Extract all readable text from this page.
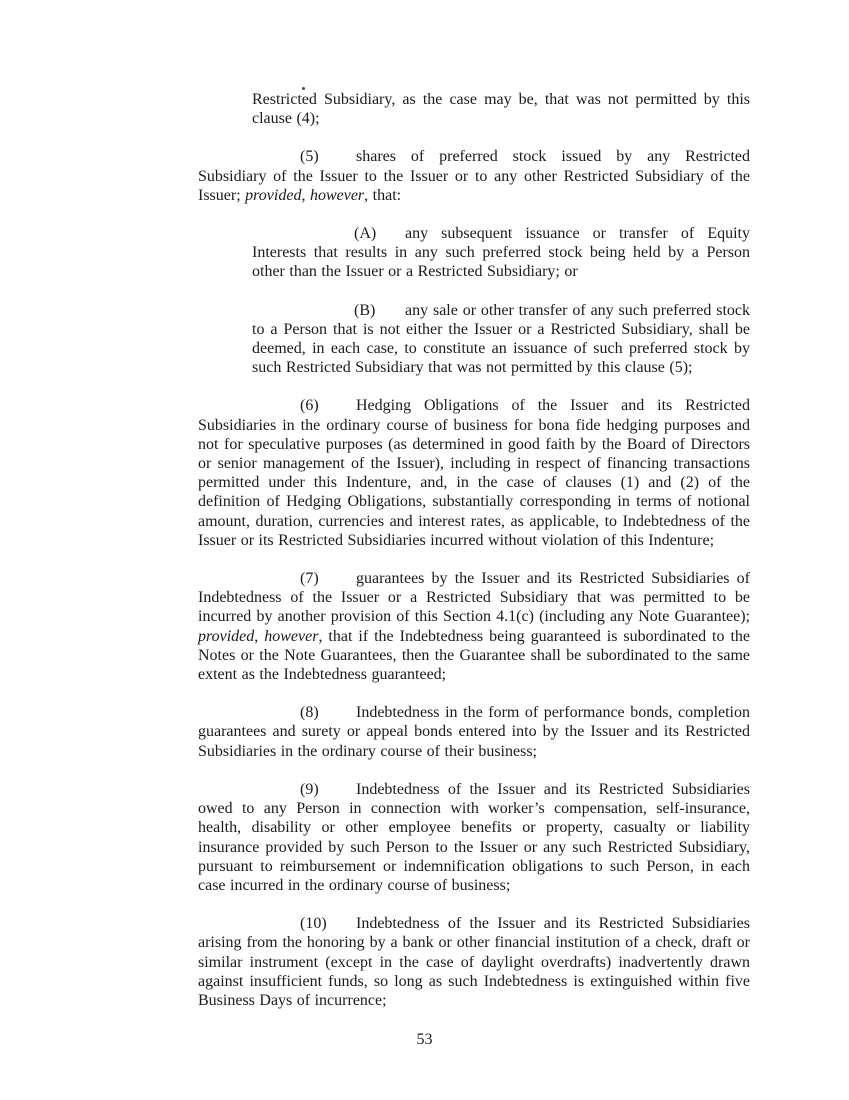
Restricted Subsidiary, as the case may be, that was not permitted by this clause (4);
(5) shares of preferred stock issued by any Restricted Subsidiary of the Issuer to the Issuer or to any other Restricted Subsidiary of the Issuer; provided, however, that:
(A) any subsequent issuance or transfer of Equity Interests that results in any such preferred stock being held by a Person other than the Issuer or a Restricted Subsidiary; or
(B) any sale or other transfer of any such preferred stock to a Person that is not either the Issuer or a Restricted Subsidiary, shall be deemed, in each case, to constitute an issuance of such preferred stock by such Restricted Subsidiary that was not permitted by this clause (5);
(6) Hedging Obligations of the Issuer and its Restricted Subsidiaries in the ordinary course of business for bona fide hedging purposes and not for speculative purposes (as determined in good faith by the Board of Directors or senior management of the Issuer), including in respect of financing transactions permitted under this Indenture, and, in the case of clauses (1) and (2) of the definition of Hedging Obligations, substantially corresponding in terms of notional amount, duration, currencies and interest rates, as applicable, to Indebtedness of the Issuer or its Restricted Subsidiaries incurred without violation of this Indenture;
(7) guarantees by the Issuer and its Restricted Subsidiaries of Indebtedness of the Issuer or a Restricted Subsidiary that was permitted to be incurred by another provision of this Section 4.1(c) (including any Note Guarantee); provided, however, that if the Indebtedness being guaranteed is subordinated to the Notes or the Note Guarantees, then the Guarantee shall be subordinated to the same extent as the Indebtedness guaranteed;
(8) Indebtedness in the form of performance bonds, completion guarantees and surety or appeal bonds entered into by the Issuer and its Restricted Subsidiaries in the ordinary course of their business;
(9) Indebtedness of the Issuer and its Restricted Subsidiaries owed to any Person in connection with worker’s compensation, self-insurance, health, disability or other employee benefits or property, casualty or liability insurance provided by such Person to the Issuer or any such Restricted Subsidiary, pursuant to reimbursement or indemnification obligations to such Person, in each case incurred in the ordinary course of business;
(10) Indebtedness of the Issuer and its Restricted Subsidiaries arising from the honoring by a bank or other financial institution of a check, draft or similar instrument (except in the case of daylight overdrafts) inadvertently drawn against insufficient funds, so long as such Indebtedness is extinguished within five Business Days of incurrence;
53
